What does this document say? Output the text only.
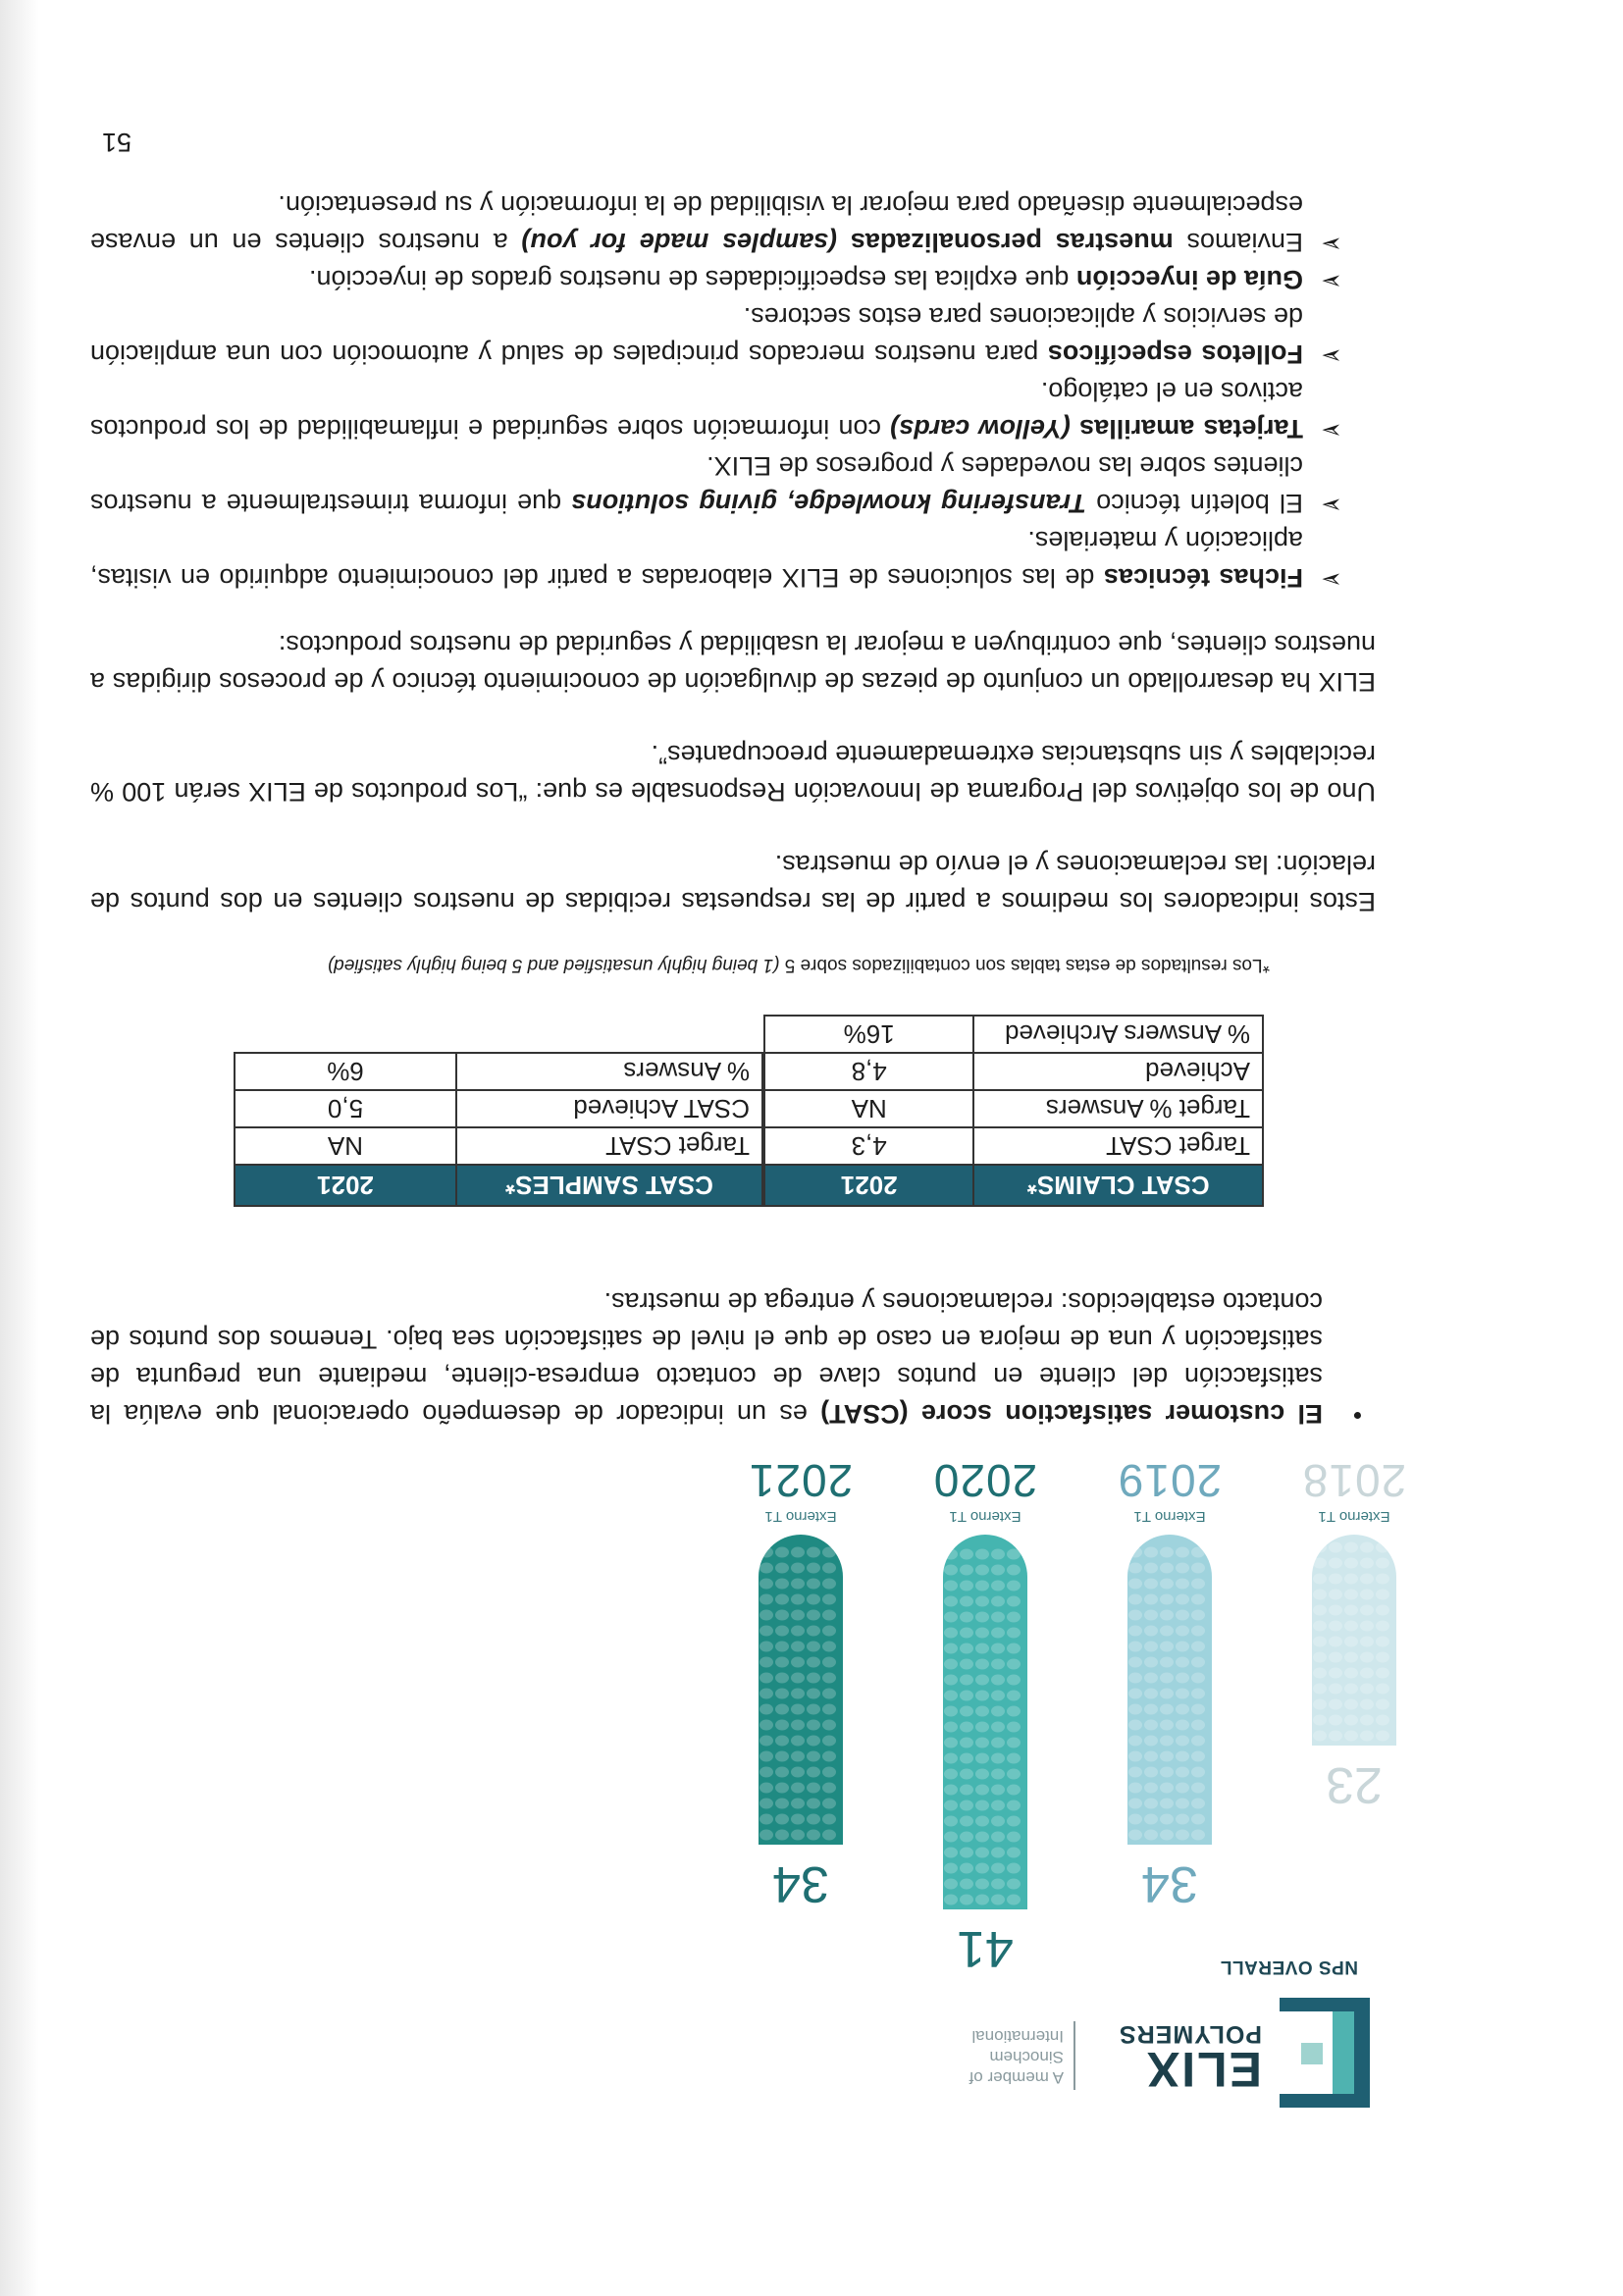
ELIX
POLYMERS
A member of
Sinochem
International
NPS OVERALL
23
Externo T1
2018
34
Externo T1
2019
41
Externo T1
2020
34
Externo T1
2021
•
El customer satisfaction score (CSAT) es un indicador de desempeño operacional que evalúa la satisfacción del cliente en puntos clave de contacto empresa-cliente, mediante una pregunta de satisfacción y una de mejora en caso de que el nivel de satisfacción sea bajo. Tenemos dos puntos de contacto establecidos: reclamaciones y entrega de muestras.
CSAT CLAIMS*	2021
Target CSAT	4,3
Target % Answers	NA
Achieved	4,8
% Answers Archieved	16%
CSAT SAMPLES*	2021
Target CSAT	NA
CSAT Achieved	5,0
% Answers	6%
*Los resultados de estas tablas son contabilizados sobre 5 (1 being highly unsatisfied and 5 being highly satisfied)
Estos indicadores los medimos a partir de las respuestas recibidas de nuestros clientes en dos puntos de relación: las reclamaciones y el envío de muestras.
Uno de los objetivos del Programa de Innovación Responsable es que: “Los productos de ELIX serán 100 % reciclables y sin substancias extremadamente preocupantes”.
ELIX ha desarrollado un conjunto de piezas de divulgación de conocimiento técnico y de procesos dirigidas a nuestros clientes, que contribuyen a mejorar la usabilidad y seguridad de nuestros productos:
➢
Fichas técnicas de las soluciones de ELIX elaboradas a partir del conocimiento adquirido en visitas, aplicación y materiales.
➢
El boletín técnico Transfering knowledge, giving solutions que informa trimestralmente a nuestros clientes sobre las novedades y progresos de ELIX.
➢
Tarjetas amarillas (Yellow cards) con información sobre seguridad e inflamabilidad de los productos activos en el catálogo.
➢
Folletos específicos para nuestros mercados principales de salud y automoción con una ampliación de servicios y aplicaciones para estos sectores.
➢
Guía de inyección que explica las especificidades de nuestros grados de inyección.
➢
Enviamos muestras personalizadas (samples made for you) a nuestros clientes en un envase especialmente diseñado para mejorar la visibilidad de la información y su presentación.
51
